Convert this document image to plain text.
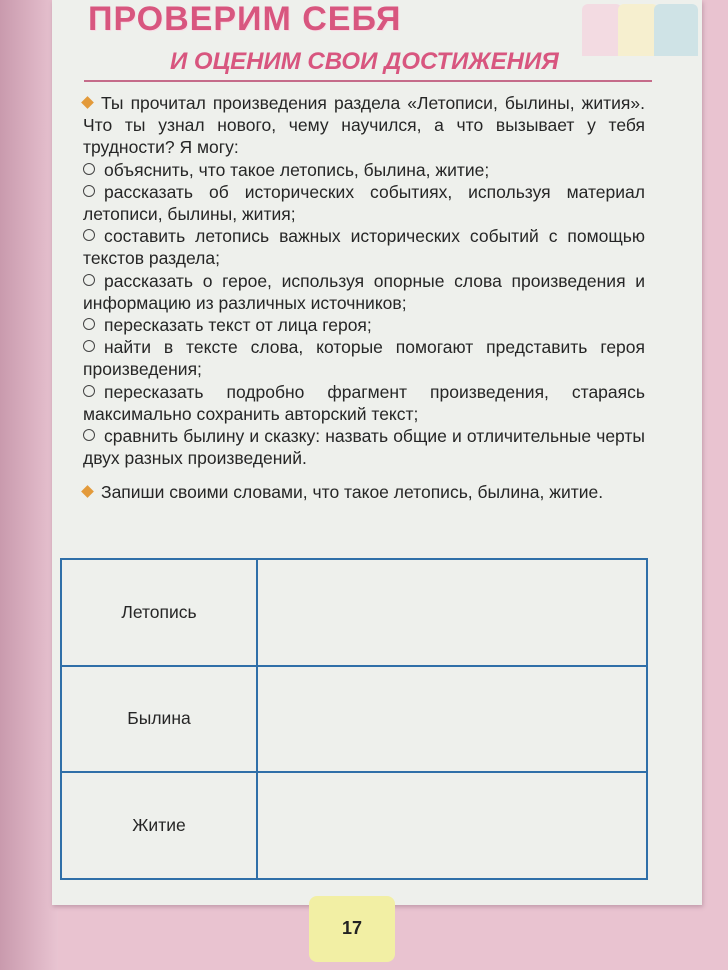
ПРОВЕРИМ СЕБЯ
И ОЦЕНИМ СВОИ ДОСТИЖЕНИЯ

Ты прочитал произведения раздела «Летописи, былины, жития». Что ты узнал нового, чему научился, а что вызывает у тебя трудности? Я могу:

объяснить, что такое летопись, былина, житие;
рассказать об исторических событиях, используя материал летописи, былины, жития;
составить летопись важных исторических событий с помощью текстов раздела;
рассказать о герое, используя опорные слова произведения и информацию из различных источников;
пересказать текст от лица героя;
найти в тексте слова, которые помогают представить героя произведения;
пересказать подробно фрагмент произведения, стараясь максимально сохранить авторский текст;
сравнить былину и сказку: назвать общие и отличительные черты двух разных произведений.

Запиши своими словами, что такое летопись, былина, житие.

Летопись	
Былина	
Житие	
17
